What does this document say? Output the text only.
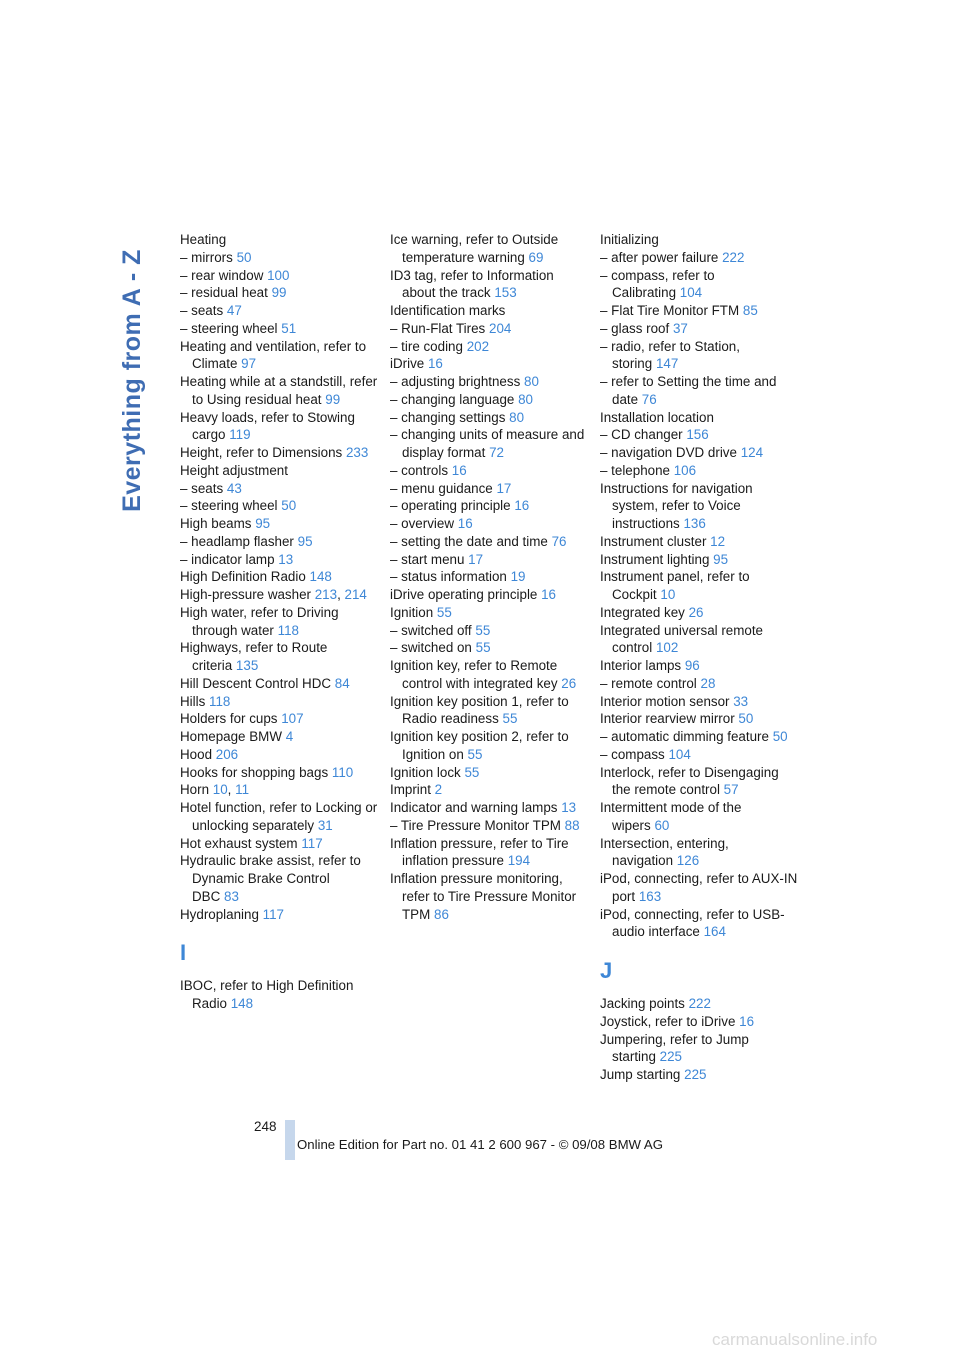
Everything from A - Z
Heating
– mirrors 50
– rear window 100
– residual heat 99
– seats 47
– steering wheel 51
Heating and ventilation, refer to Climate 97
Heating while at a standstill, refer to Using residual heat 99
Heavy loads, refer to Stowing cargo 119
Height, refer to Dimensions 233
Height adjustment
– seats 43
– steering wheel 50
High beams 95
– headlamp flasher 95
– indicator lamp 13
High Definition Radio 148
High-pressure washer 213, 214
High water, refer to Driving through water 118
Highways, refer to Route criteria 135
Hill Descent Control HDC 84
Hills 118
Holders for cups 107
Homepage BMW 4
Hood 206
Hooks for shopping bags 110
Horn 10, 11
Hotel function, refer to Locking or unlocking separately 31
Hot exhaust system 117
Hydraulic brake assist, refer to Dynamic Brake Control DBC 83
Hydroplaning 117
I
IBOC, refer to High Definition Radio 148
Ice warning, refer to Outside temperature warning 69
ID3 tag, refer to Information about the track 153
Identification marks
– Run-Flat Tires 204
– tire coding 202
iDrive 16
– adjusting brightness 80
– changing language 80
– changing settings 80
– changing units of measure and display format 72
– controls 16
– menu guidance 17
– operating principle 16
– overview 16
– setting the date and time 76
– start menu 17
– status information 19
iDrive operating principle 16
Ignition 55
– switched off 55
– switched on 55
Ignition key, refer to Remote control with integrated key 26
Ignition key position 1, refer to Radio readiness 55
Ignition key position 2, refer to Ignition on 55
Ignition lock 55
Imprint 2
Indicator and warning lamps 13
– Tire Pressure Monitor TPM 88
Inflation pressure, refer to Tire inflation pressure 194
Inflation pressure monitoring, refer to Tire Pressure Monitor TPM 86
Initializing
– after power failure 222
– compass, refer to Calibrating 104
– Flat Tire Monitor FTM 85
– glass roof 37
– radio, refer to Station, storing 147
– refer to Setting the time and date 76
Installation location
– CD changer 156
– navigation DVD drive 124
– telephone 106
Instructions for navigation system, refer to Voice instructions 136
Instrument cluster 12
Instrument lighting 95
Instrument panel, refer to Cockpit 10
Integrated key 26
Integrated universal remote control 102
Interior lamps 96
– remote control 28
Interior motion sensor 33
Interior rearview mirror 50
– automatic dimming feature 50
– compass 104
Interlock, refer to Disengaging the remote control 57
Intermittent mode of the wipers 60
Intersection, entering, navigation 126
iPod, connecting, refer to AUX-IN port 163
iPod, connecting, refer to USB-audio interface 164
J
Jacking points 222
Joystick, refer to iDrive 16
Jumpering, refer to Jump starting 225
Jump starting 225
248
Online Edition for Part no. 01 41 2 600 967 - © 09/08 BMW AG
carmanualsonline.info
